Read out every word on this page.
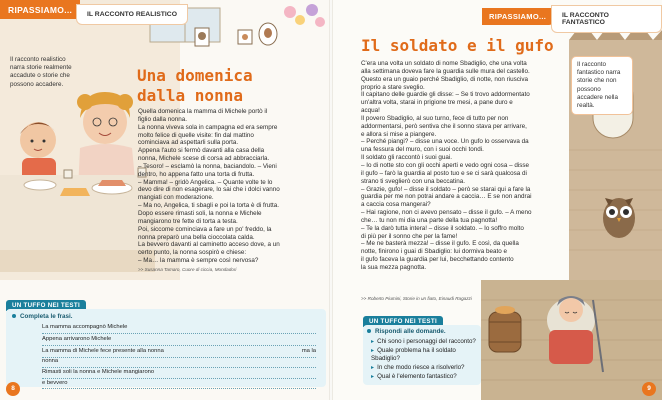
RIPASSIAMO...	IL RACCONTO REALISTICO
Il racconto realistico narra storie realmente accadute o storie che possono accadere.	Una domenica
dalla nonna

Quella domenica la mamma di Michele portò il
figlio dalla nonna.
La nonna viveva sola in campagna ed era sempre
molto felice di quelle visite: fin dal mattino
cominciava ad aspettarli sulla porta.
Appena l'auto si fermò davanti alla casa della
nonna, Michele scese di corsa ad abbracciarla.
– Tesoro! – esclamò la nonna, baciandolo. – Vieni
dentro, ho appena fatto una torta di frutta.
– Mamma! – gridò Angelica. – Quante volte te lo
devo dire di non esagerare, lo sai che i dolci vanno
mangiati con moderazione.
– Ma no, Angelica, ti sbagli e poi la torta è di frutta.
Dopo essere rimasti soli, la nonna e Michele
mangiarono tre fette di torta a testa.
Poi, siccome cominciava a fare un po' freddo, la
nonna preparò una bella cioccolata calda.
La bevvero davanti al caminetto acceso dove, a un
certo punto, la nonna sospirò e chiese:
– Ma… la mamma è sempre così nervosa?

>> Susanna Tamaro, Cuore di ciccia, Mondadori
UN TUFFO NEI TESTI
Completa le frasi.
La mamma accompagnò Michele
Appena arrivarono Michele
La mamma di Michele fece presente alla nonna	ma la
nonna
Rimasti soli la nonna e Michele mangiarono
e bevvero
8
RIPASSIAMO...	IL RACCONTO FANTASTICO
Il racconto fantastico narra storie che non possono accadere nella realtà.
Il soldato e il gufo

C'era una volta un soldato di nome Sbadiglio, che una volta
alla settimana doveva fare la guardia sulle mura del castello.
Questo era un guaio perché Sbadiglio, di notte, non riusciva
proprio a stare sveglio.
Il capitano delle guardie gli disse: – Se ti trovo addormentato
un'altra volta, starai in prigione tre mesi, a pane duro e
acqua!
Il povero Sbadiglio, al suo turno, fece di tutto per non
addormentarsi, però sentiva che il sonno stava per arrivare,
e allora si mise a piangere.
– Perché piangi? – disse una voce. Un gufo lo osservava da
una fessura del muro, con i suoi occhi tondi.
Il soldato gli raccontò i suoi guai.
– Io di notte sto con gli occhi aperti e vedo ogni cosa – disse
il gufo – farò la guardia al posto tuo e se ci sarà qualcosa di
strano ti sveglierò con una beccatina.
– Grazie, gufo! – disse il soldato – però se starai qui a fare la
guardia per me non potrai andare a caccia… E se non andrai
a caccia cosa mangerai?
– Hai ragione, non ci avevo pensato – disse il gufo. – A meno
che… tu non mi dia una parte della tua pagnotta!
– Te la darò tutta intera! – disse il soldato. – Io soffro molto
di più per il sonno che per la fame!
– Me ne basterà mezza! – disse il gufo. E così, da quella
notte, finirono i guai di Sbadiglio: lui dormiva beato e
il gufo faceva la guardia per lui, becchettando contento
la sua mezza pagnotta.

>> Roberto Piumini, Storie in un fiato, Einaudi Ragazzi
UN TUFFO NEI TESTI
Rispondi alle domande.
▸ Chi sono i personaggi del racconto?
▸ Quale problema ha il soldato Sbadiglio?
▸ In che modo riesce a risolverlo?
▸ Qual è l'elemento fantastico?
9
